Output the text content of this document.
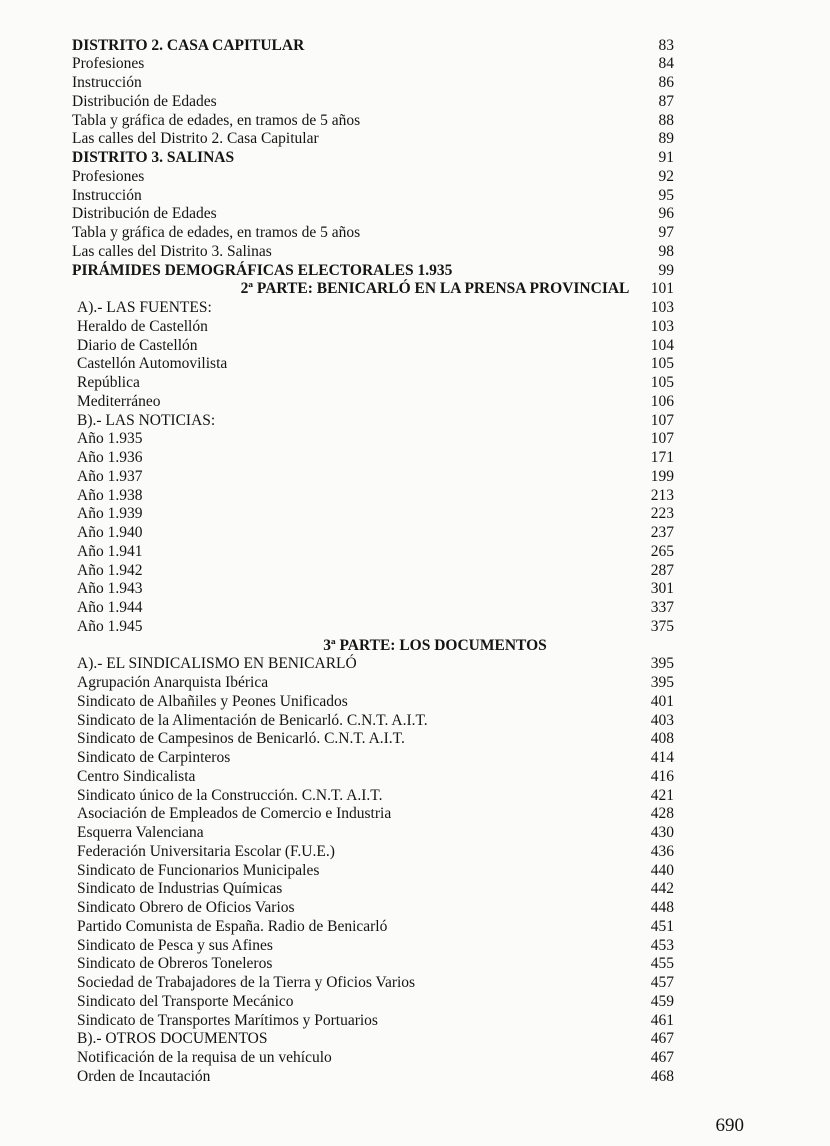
DISTRITO 2. CASA CAPITULAR	83
Profesiones	84
Instrucción	86
Distribución de Edades	87
Tabla y gráfica de edades, en tramos de 5 años	88
Las calles del Distrito 2. Casa Capitular	89
DISTRITO 3. SALINAS	91
Profesiones	92
Instrucción	95
Distribución de Edades	96
Tabla y gráfica de edades, en tramos de 5 años	97
Las calles del Distrito 3. Salinas	98
PIRÁMIDES DEMOGRÁFICAS ELECTORALES 1.935	99
2ª PARTE: BENICARLÓ EN LA PRENSA PROVINCIAL	101
A).- LAS FUENTES:	103
Heraldo de Castellón	103
Diario de Castellón	104
Castellón Automovilista	105
República	105
Mediterráneo	106
B).- LAS NOTICIAS:	107
Año 1.935	107
Año 1.936	171
Año 1.937	199
Año 1.938	213
Año 1.939	223
Año 1.940	237
Año 1.941	265
Año 1.942	287
Año 1.943	301
Año 1.944	337
Año 1.945	375
3ª PARTE: LOS DOCUMENTOS
A).- EL SINDICALISMO EN BENICARLÓ	395
Agrupación Anarquista Ibérica	395
Sindicato de Albañiles y Peones Unificados	401
Sindicato de la Alimentación de Benicarló. C.N.T. A.I.T.	403
Sindicato de Campesinos de Benicarló. C.N.T. A.I.T.	408
Sindicato de Carpinteros	414
Centro Sindicalista	416
Sindicato único de la Construcción. C.N.T. A.I.T.	421
Asociación de Empleados de Comercio e Industria	428
Esquerra Valenciana	430
Federación Universitaria Escolar (F.U.E.)	436
Sindicato de Funcionarios Municipales	440
Sindicato de Industrias Químicas	442
Sindicato Obrero de Oficios Varios	448
Partido Comunista de España. Radio de Benicarló	451
Sindicato de Pesca y sus Afines	453
Sindicato de Obreros Toneleros	455
Sociedad de Trabajadores de la Tierra y Oficios Varios	457
Sindicato del Transporte Mecánico	459
Sindicato de Transportes Marítimos y Portuarios	461
B).- OTROS DOCUMENTOS	467
Notificación de la requisa de un vehículo	467
Orden de Incautación	468
690
